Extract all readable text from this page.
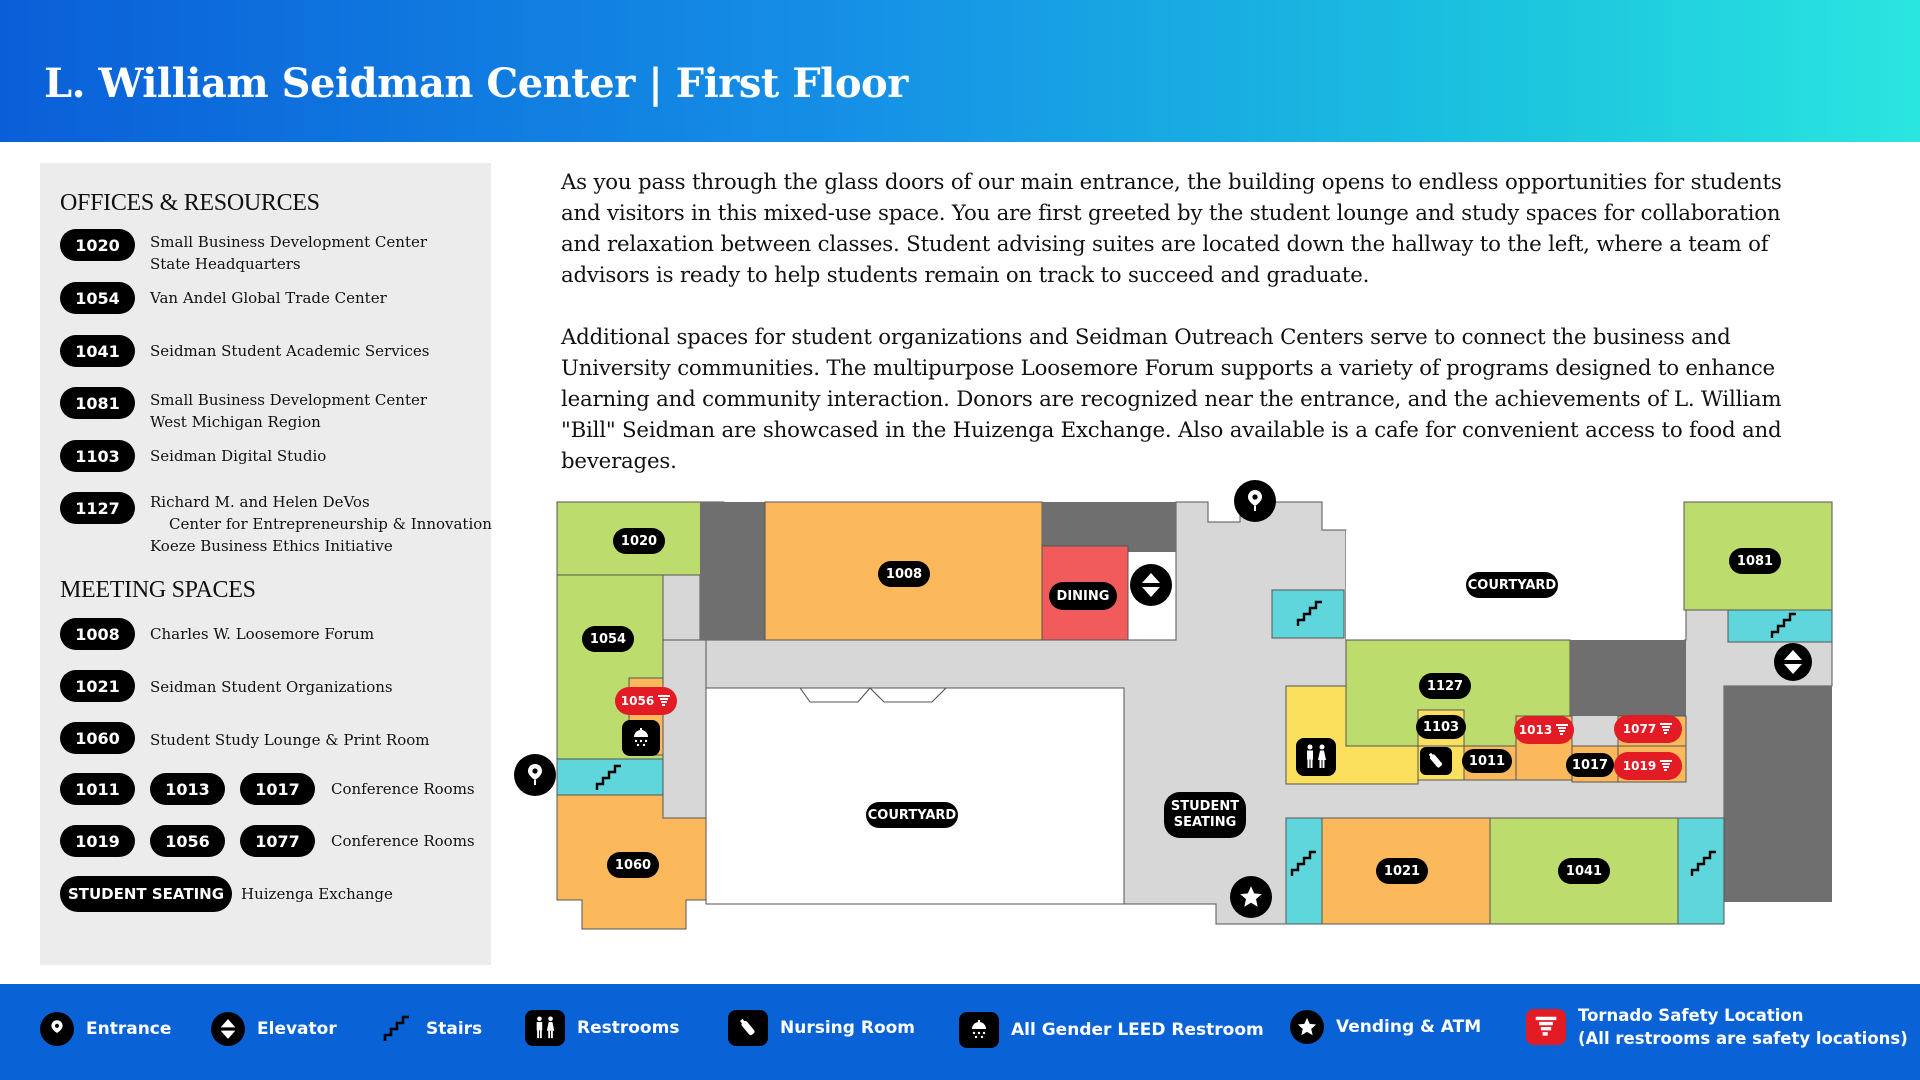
L. William Seidman Center | First Floor
OFFICES & RESOURCES
1020	Small Business Development Center
State Headquarters
1054	Van Andel Global Trade Center
1041	Seidman Student Academic Services
1081	Small Business Development Center
West Michigan Region
1103	Seidman Digital Studio
1127	Richard M. and Helen DeVos
Center for Entrepreneurship & Innovation
Koeze Business Ethics Initiative
MEETING SPACES
1008	Charles W. Loosemore Forum
1021	Seidman Student Organizations
1060	Student Study Lounge & Print Room
1011	1013	1017	Conference Rooms
1019	1056	1077	Conference Rooms
STUDENT SEATING	Huizenga Exchange
As you pass through the glass doors of our main entrance, the building opens to endless opportunities for students and visitors in this mixed-use space. You are first greeted by the student lounge and study spaces for collaboration and relaxation between classes. Student advising suites are located down the hallway to the left, where a team of advisors is ready to help students remain on track to succeed and graduate.
Additional spaces for student organizations and Seidman Outreach Centers serve to connect the business and University communities. The multipurpose Loosemore Forum supports a variety of programs designed to enhance learning and community interaction. Donors are recognized near the entrance, and the achievements of L. William "Bill" Seidman are showcased in the Huizenga Exchange. Also available is a cafe for convenient access to food and beverages.
1020
1054
1060
1008
DINING
COURTYARD
COURTYARD
1081
1127
1103
1011	1017
1021	1041
STUDENT
SEATING
1056
1013	1077
1019
Entrance	Elevator	Stairs	Restrooms	Nursing Room	All Gender LEED Restroom	Vending & ATM
Tornado Safety Location
(All restrooms are safety locations)
